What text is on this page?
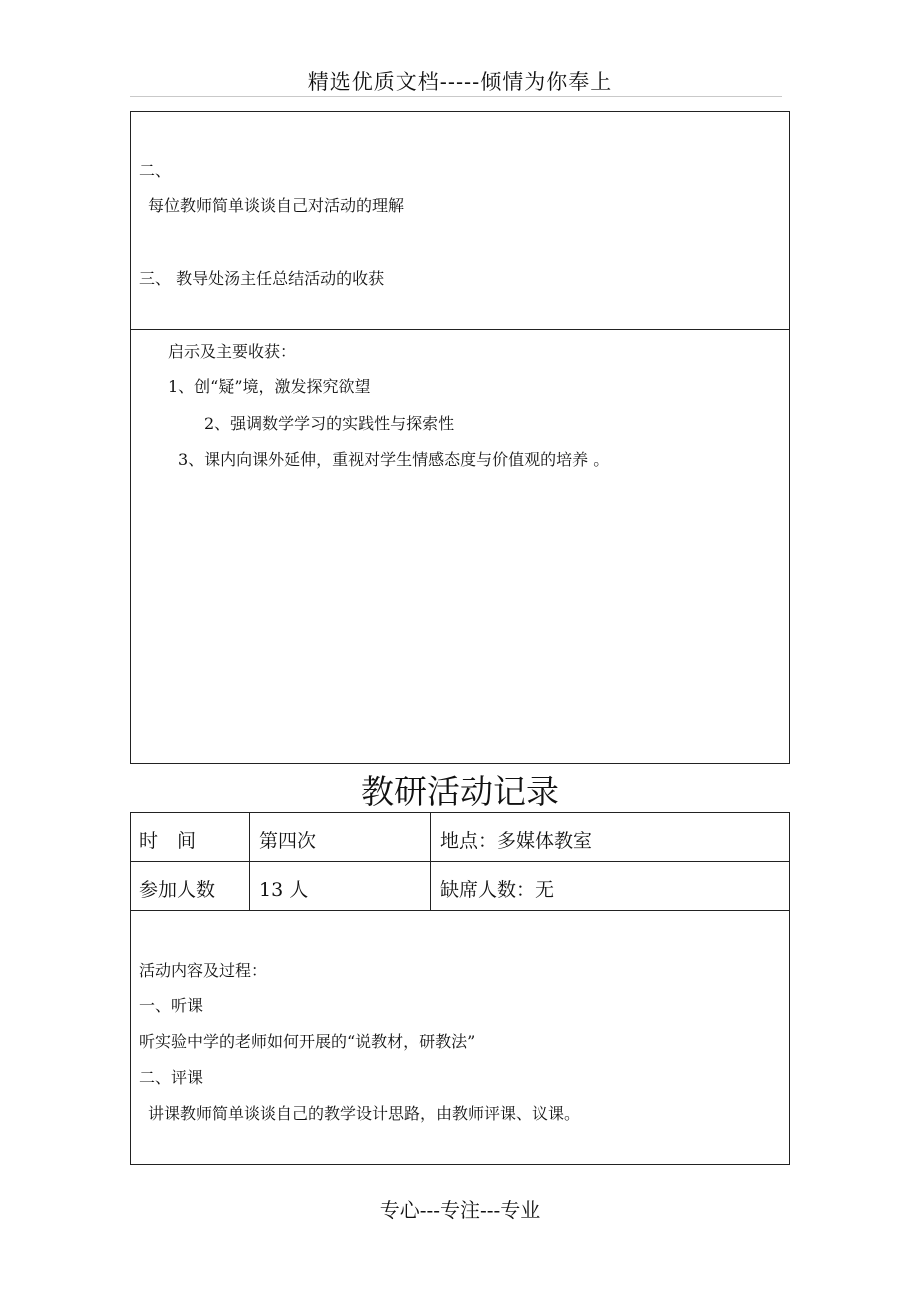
精选优质文档-----倾情为你奉上
二、
每位教师简单谈谈自己对活动的理解
三、 教导处汤主任总结活动的收获
启示及主要收获：
1、创“疑”境，激发探究欲望
2、强调数学学习的实践性与探索性
3、课内向课外延伸，重视对学生情感态度与价值观的培养 。
教研活动记录
时　间	第四次	地点：多媒体教室
参加人数 13 人	缺席人数：无
活动内容及过程：
一、听课
听实验中学的老师如何开展的“说教材，研教法”
二、评课
讲课教师简单谈谈自己的教学设计思路，由教师评课、议课。
专心---专注---专业
